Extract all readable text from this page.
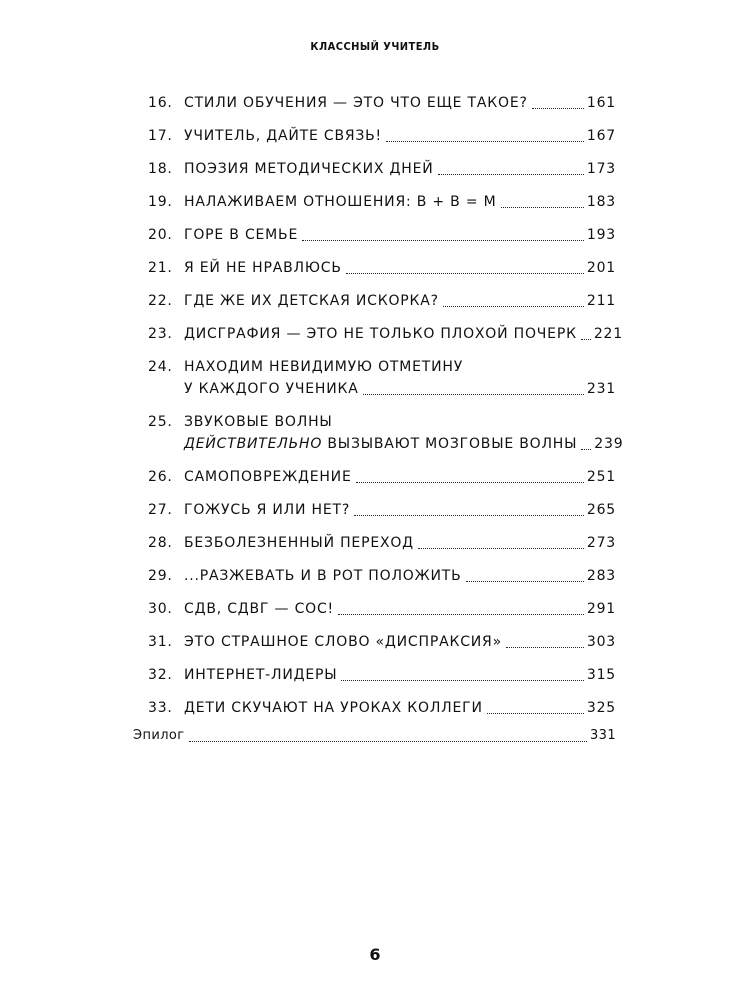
КЛАССНЫЙ УЧИТЕЛЬ
16. СТИЛИ ОБУЧЕНИЯ — ЭТО ЧТО ЕЩЕ ТАКОЕ?	161
17. УЧИТЕЛЬ, ДАЙТЕ СВЯЗЬ!	167
18. ПОЭЗИЯ МЕТОДИЧЕСКИХ ДНЕЙ	173
19. НАЛАЖИВАЕМ ОТНОШЕНИЯ: В + В = М	183
20. ГОРЕ В СЕМЬЕ	193
21. Я ЕЙ НЕ НРАВЛЮСЬ	201
22. ГДЕ ЖЕ ИХ ДЕТСКАЯ ИСКОРКА?	211
23. ДИСГРАФИЯ — ЭТО НЕ ТОЛЬКО ПЛОХОЙ ПОЧЕРК 221
24. НАХОДИМ НЕВИДИМУЮ ОТМЕТИНУ
У КАЖДОГО УЧЕНИКА	231
25. ЗВУКОВЫЕ ВОЛНЫ
ДЕЙСТВИТЕЛЬНО ВЫЗЫВАЮТ МОЗГОВЫЕ ВОЛНЫ 239
26. САМОПОВРЕЖДЕНИЕ	251
27. ГОЖУСЬ Я ИЛИ НЕТ?	265
28. БЕЗБОЛЕЗНЕННЫЙ ПЕРЕХОД	273
29. ...РАЗЖЕВАТЬ И В РОТ ПОЛОЖИТЬ	283
30. СДВ, СДВГ — СОС!	291
31. ЭТО СТРАШНОЕ СЛОВО «ДИСПРАКСИЯ»	303
32. ИНТЕРНЕТ-ЛИДЕРЫ	315
33. ДЕТИ СКУЧАЮТ НА УРОКАХ КОЛЛЕГИ	325
Эпилог	331
6
